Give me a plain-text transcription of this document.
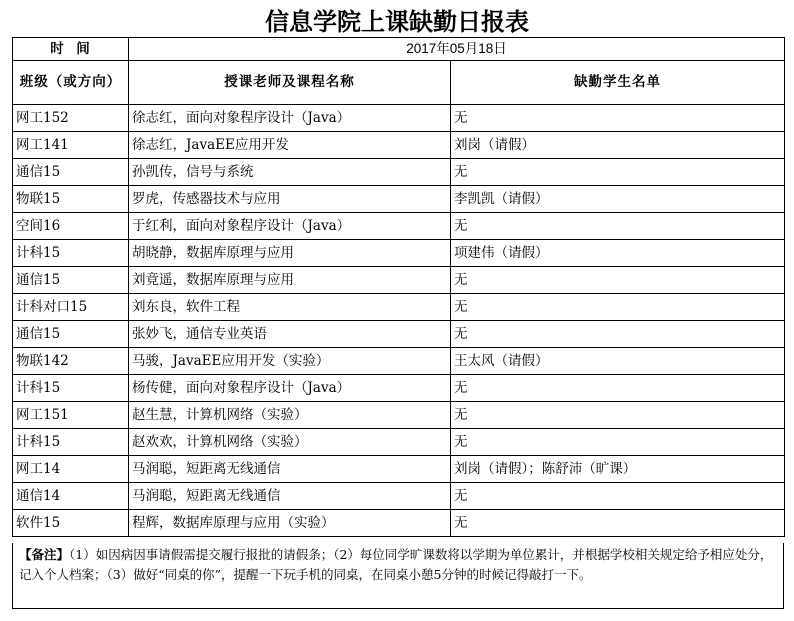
信息学院上课缺勤日报表
时  间	2017年05月18日	
班级（或方向）	授课老师及课程名称	缺勤学生名单
网工152	徐志红，面向对象程序设计（Java）	无
网工141	徐志红，JavaEE应用开发	刘岗（请假）
通信15	孙凯传，信号与系统	无
物联15	罗虎，传感器技术与应用	李凯凯（请假）
空间16	于红利，面向对象程序设计（Java）	无
计科15	胡晓静，数据库原理与应用	项建伟（请假）
通信15	刘竟遥，数据库原理与应用	无
计科对口15	刘东良，软件工程	无
通信15	张妙飞，通信专业英语	无
物联142	马骏，JavaEE应用开发（实验）	王太风（请假）
计科15	杨传健，面向对象程序设计（Java）	无
网工151	赵生慧，计算机网络（实验）	无
计科15	赵欢欢，计算机网络（实验）	无
网工14	马润聪，短距离无线通信	刘岗（请假）；陈舒沛（旷课）
通信14	马润聪，短距离无线通信	无
软件15	程辉，数据库原理与应用（实验）	无
【备注】（1）如因病因事请假需提交履行报批的请假条；（2）每位同学旷课数将以学期为单位累计，并根据学校相关规定给予相应处分，记入个人档案；（3）做好“同桌的你”，提醒一下玩手机的同桌，在同桌小憩5分钟的时候记得敲打一下。
